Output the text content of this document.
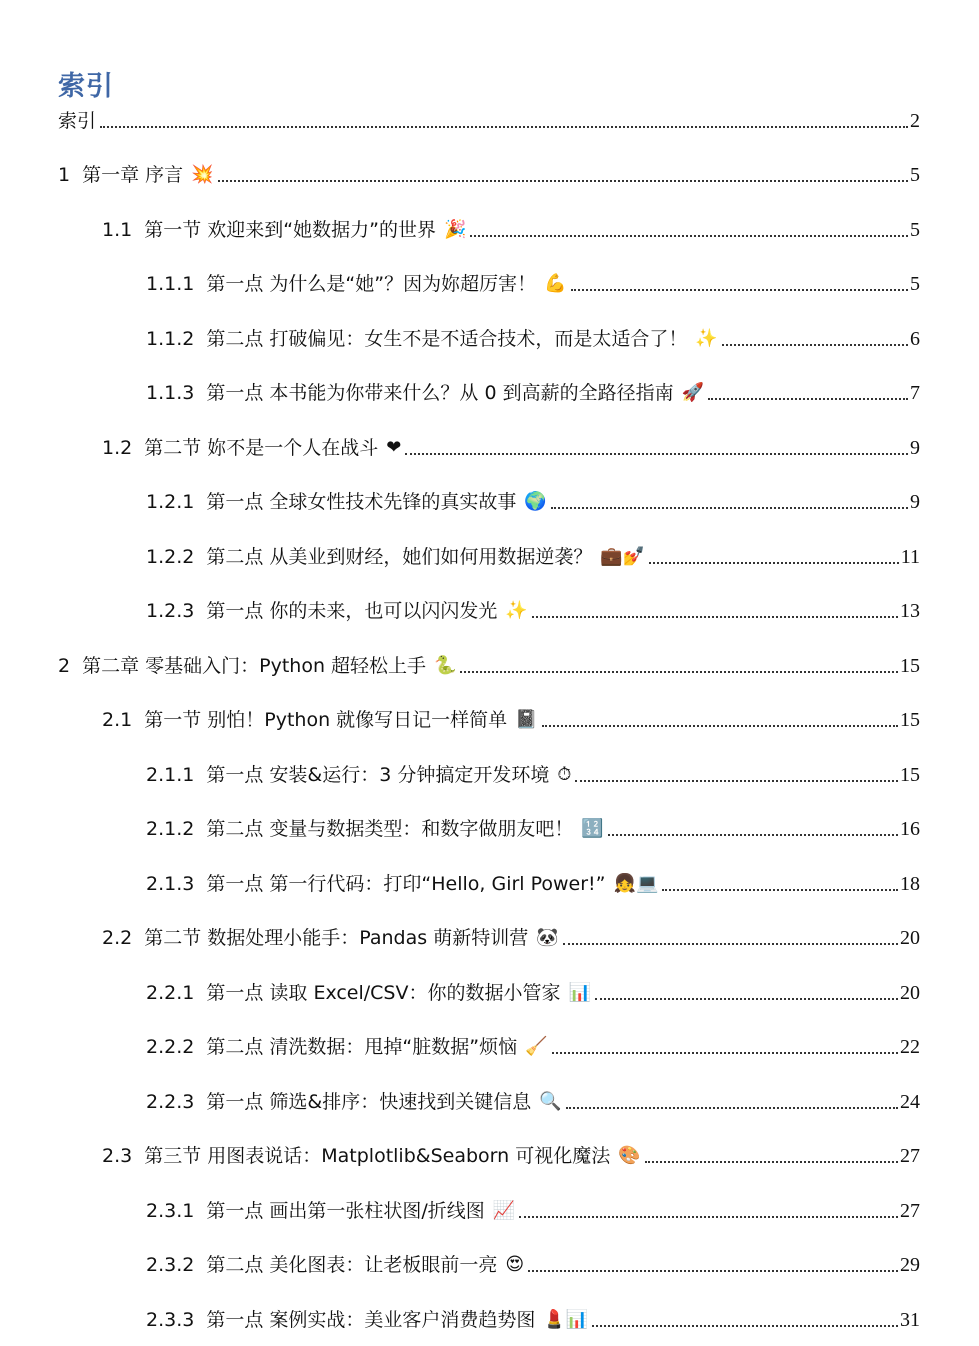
索引
索引	2
1 第一章 序言 💥	5
1.1 第一节 欢迎来到“她数据力”的世界 🎉	5
1.1.1 第一点 为什么是“她”？因为妳超厉害！ 💪	5
1.1.2 第二点 打破偏见：女生不是不适合技术，而是太适合了！ ✨	6
1.1.3 第一点 本书能为你带来什么？从 0 到高薪的全路径指南 🚀	7
1.2 第二节 妳不是一个人在战斗 ❤	9
1.2.1 第一点 全球女性技术先锋的真实故事 🌍	9
1.2.2 第二点 从美业到财经，她们如何用数据逆袭？ 💼💅	11
1.2.3 第一点 你的未来，也可以闪闪发光 ✨	13
2 第二章 零基础入门：Python 超轻松上手 🐍	15
2.1 第一节 别怕！Python 就像写日记一样简单 📓	15
2.1.1 第一点 安装&运行：3 分钟搞定开发环境 ⏱	15
2.1.2 第二点 变量与数据类型：和数字做朋友吧！ 🔢	16
2.1.3 第一点 第一行代码：打印“Hello, Girl Power!” 👧💻	18
2.2 第二节 数据处理小能手：Pandas 萌新特训营 🐼	20
2.2.1 第一点 读取 Excel/CSV：你的数据小管家 📊	20
2.2.2 第二点 清洗数据：甩掉“脏数据”烦恼 🧹	22
2.2.3 第一点 筛选&排序：快速找到关键信息 🔍	24
2.3 第三节 用图表说话：Matplotlib&Seaborn 可视化魔法 🎨	27
2.3.1 第一点 画出第一张柱状图/折线图 📈	27
2.3.2 第二点 美化图表：让老板眼前一亮 😍	29
2.3.3 第一点 案例实战：美业客户消费趋势图 💄📊	31
